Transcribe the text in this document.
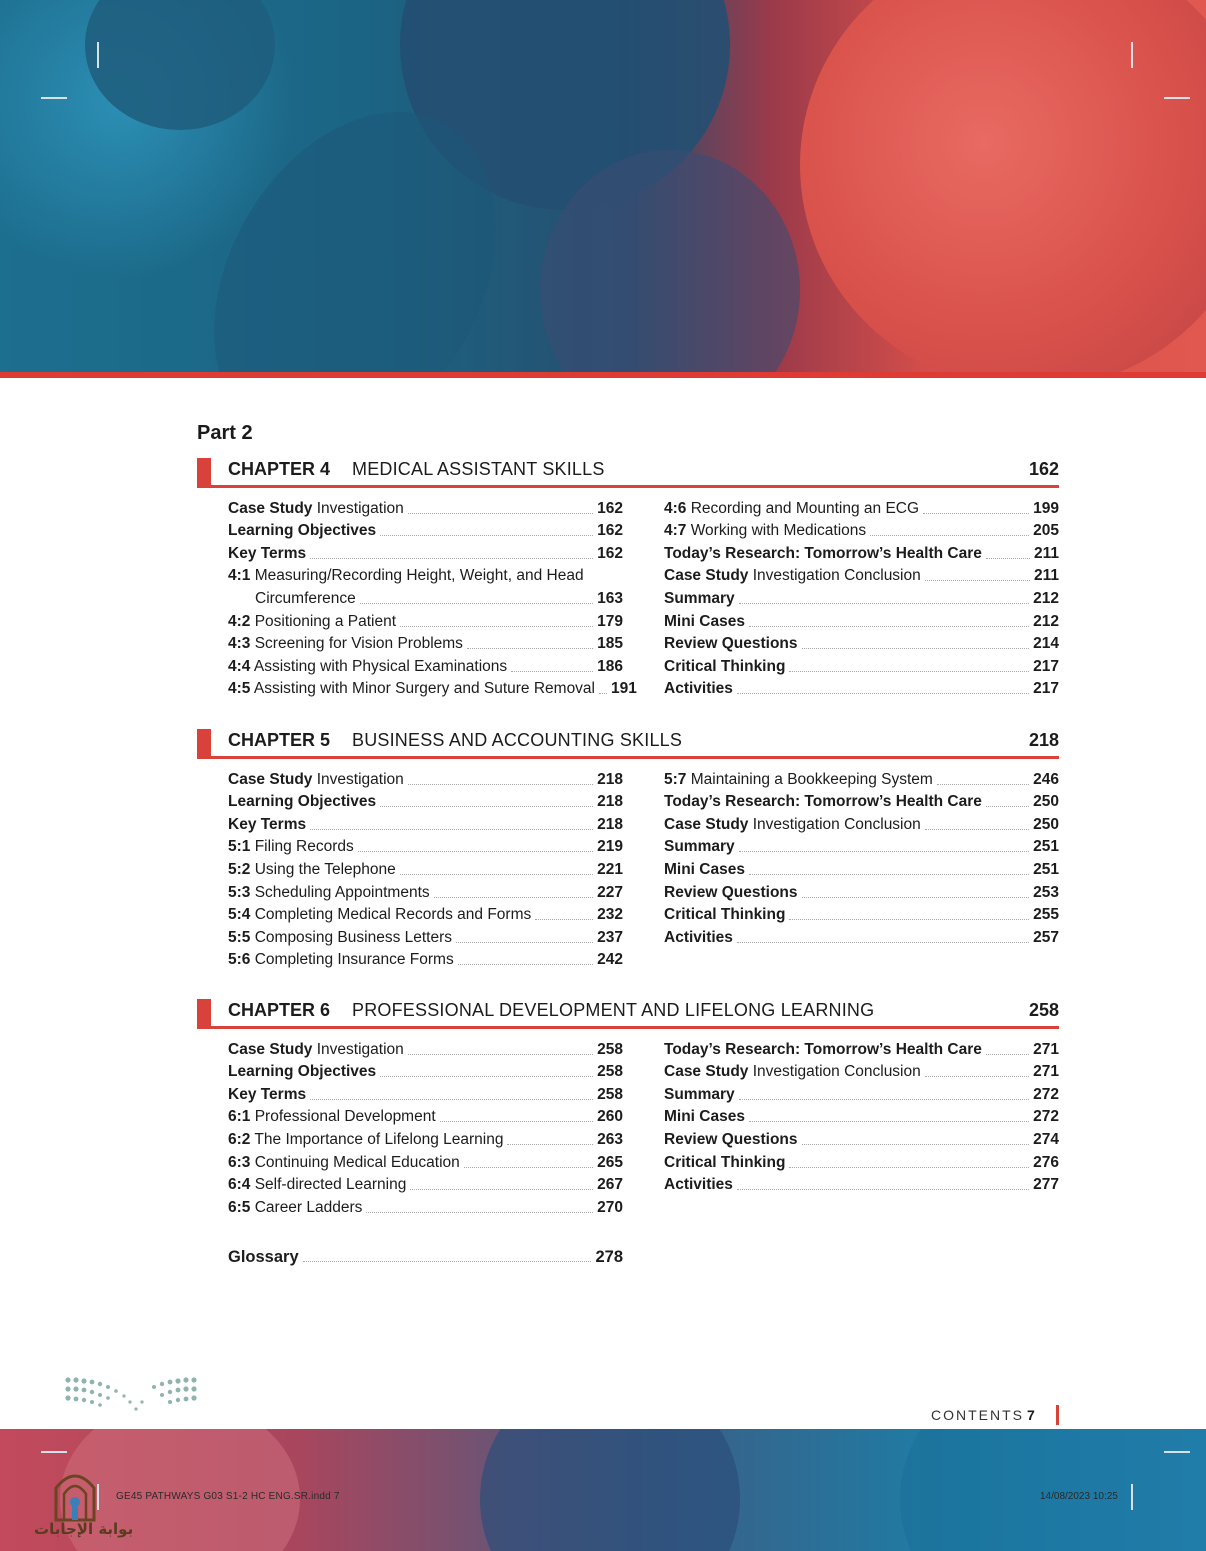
Part 2
CHAPTER 4 MEDICAL ASSISTANT SKILLS	162
Case Study Investigation	162
Learning Objectives	162
Key Terms	162
4:1 Measuring/Recording Height, Weight, and Head
Circumference	163
4:2 Positioning a Patient	179
4:3 Screening for Vision Problems	185
4:4 Assisting with Physical Examinations	186
4:5 Assisting with Minor Surgery and Suture Removal 191
4:6 Recording and Mounting an ECG	199
4:7 Working with Medications	205
Today’s Research: Tomorrow’s Health Care	211
Case Study Investigation Conclusion	211
Summary	212
Mini Cases	212
Review Questions	214
Critical Thinking	217
Activities	217
CHAPTER 5 BUSINESS AND ACCOUNTING SKILLS	218
Case Study Investigation	218
Learning Objectives	218
Key Terms	218
5:1 Filing Records	219
5:2 Using the Telephone	221
5:3 Scheduling Appointments	227
5:4 Completing Medical Records and Forms	232
5:5 Composing Business Letters	237
5:6 Completing Insurance Forms	242
5:7 Maintaining a Bookkeeping System	246
Today’s Research: Tomorrow’s Health Care	250
Case Study Investigation Conclusion	250
Summary	251
Mini Cases	251
Review Questions	253
Critical Thinking	255
Activities	257
CHAPTER 6 PROFESSIONAL DEVELOPMENT AND LIFELONG LEARNING	258
Case Study Investigation	258
Learning Objectives	258
Key Terms	258
6:1 Professional Development	260
6:2 The Importance of Lifelong Learning	263
6:3 Continuing Medical Education	265
6:4 Self-directed Learning	267
6:5 Career Ladders	270
Today’s Research: Tomorrow’s Health Care	271
Case Study Investigation Conclusion	271
Summary	272
Mini Cases	272
Review Questions	274
Critical Thinking	276
Activities	277
Glossary	278
CONTENTS 7
GE45 PATHWAYS G03 S1-2 HC ENG.SR.indd 7	14/08/2023 10:25
بوابة الإجابات
